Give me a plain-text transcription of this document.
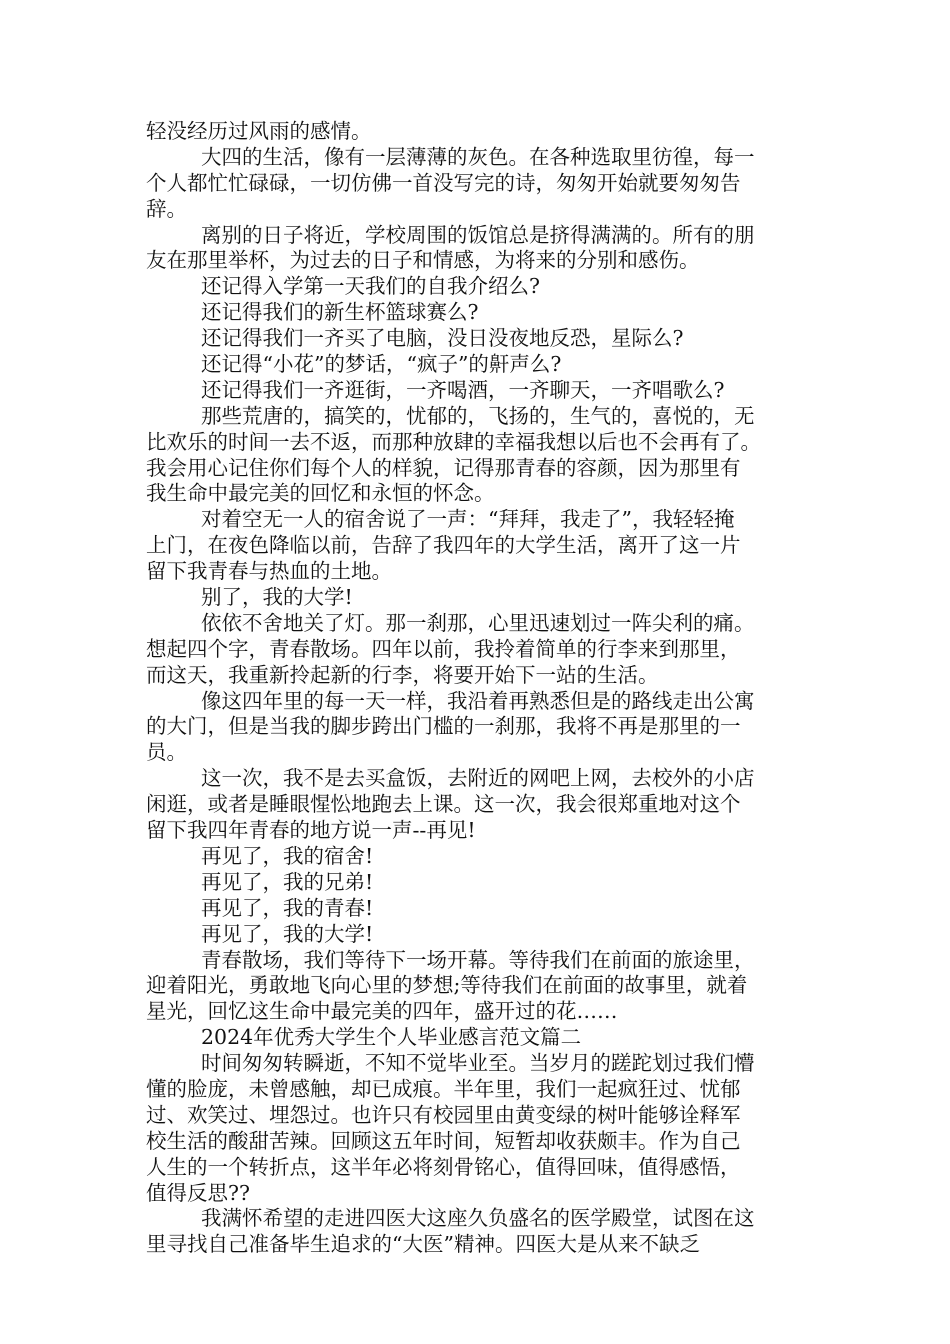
轻没经历过风雨的感情。
大四的生活，像有一层薄薄的灰色。在各种选取里彷徨，每一
个人都忙忙碌碌，一切仿佛一首没写完的诗，匆匆开始就要匆匆告
辞。
离别的日子将近，学校周围的饭馆总是挤得满满的。所有的朋
友在那里举杯，为过去的日子和情感，为将来的分别和感伤。
还记得入学第一天我们的自我介绍么?
还记得我们的新生杯篮球赛么?
还记得我们一齐买了电脑，没日没夜地反恐，星际么?
还记得“小花”的梦话，“疯子”的鼾声么?
还记得我们一齐逛街，一齐喝酒，一齐聊天，一齐唱歌么?
那些荒唐的，搞笑的，忧郁的，飞扬的，生气的，喜悦的，无
比欢乐的时间一去不返，而那种放肆的幸福我想以后也不会再有了。
我会用心记住你们每个人的样貌，记得那青春的容颜，因为那里有
我生命中最完美的回忆和永恒的怀念。
对着空无一人的宿舍说了一声：“拜拜，我走了”，我轻轻掩
上门，在夜色降临以前，告辞了我四年的大学生活，离开了这一片
留下我青春与热血的土地。
别了，我的大学!
依依不舍地关了灯。那一刹那，心里迅速划过一阵尖利的痛。
想起四个字，青春散场。四年以前，我拎着简单的行李来到那里，
而这天，我重新拎起新的行李，将要开始下一站的生活。
像这四年里的每一天一样，我沿着再熟悉但是的路线走出公寓
的大门，但是当我的脚步跨出门槛的一刹那，我将不再是那里的一
员。
这一次，我不是去买盒饭，去附近的网吧上网，去校外的小店
闲逛，或者是睡眼惺忪地跑去上课。这一次，我会很郑重地对这个
留下我四年青春的地方说一声--再见!
再见了，我的宿舍!
再见了，我的兄弟!
再见了，我的青春!
再见了，我的大学!
青春散场，我们等待下一场开幕。等待我们在前面的旅途里，
迎着阳光，勇敢地飞向心里的梦想;等待我们在前面的故事里，就着
星光，回忆这生命中最完美的四年，盛开过的花……
2024年优秀大学生个人毕业感言范文篇二
时间匆匆转瞬逝，不知不觉毕业至。当岁月的蹉跎划过我们懵
懂的脸庞，未曾感触，却已成痕。半年里，我们一起疯狂过、忧郁
过、欢笑过、埋怨过。也许只有校园里由黄变绿的树叶能够诠释军
校生活的酸甜苦辣。回顾这五年时间，短暂却收获颇丰。作为自己
人生的一个转折点，这半年必将刻骨铭心，值得回味，值得感悟，
值得反思??
我满怀希望的走进四医大这座久负盛名的医学殿堂，试图在这
里寻找自己准备毕生追求的“大医”精神。四医大是从来不缺乏
